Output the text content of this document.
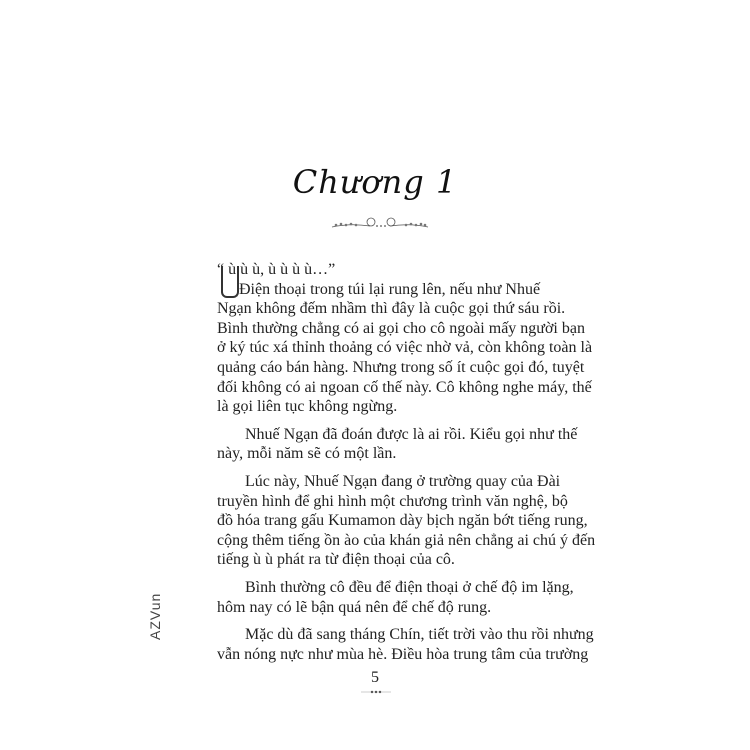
Chương 1
“ ù ù ù, ù ù ù ù…”
Điện thoại trong túi lại rung lên, nếu như Nhuế
Ngạn không đếm nhầm thì đây là cuộc gọi thứ sáu rồi.
Bình thường chẳng có ai gọi cho cô ngoài mấy người bạn
ở ký túc xá thỉnh thoảng có việc nhờ vả, còn không toàn là
quảng cáo bán hàng. Nhưng trong số ít cuộc gọi đó, tuyệt
đối không có ai ngoan cố thế này. Cô không nghe máy, thế
là gọi liên tục không ngừng.
Nhuế Ngạn đã đoán được là ai rồi. Kiểu gọi như thế
này, mỗi năm sẽ có một lần.
Lúc này, Nhuế Ngạn đang ở trường quay của Đài
truyền hình để ghi hình một chương trình văn nghệ, bộ
đồ hóa trang gấu Kumamon dày bịch ngăn bớt tiếng rung,
cộng thêm tiếng ồn ào của khán giả nên chẳng ai chú ý đến
tiếng ù ù phát ra từ điện thoại của cô.
Bình thường cô đều để điện thoại ở chế độ im lặng,
hôm nay có lẽ bận quá nên để chế độ rung.
Mặc dù đã sang tháng Chín, tiết trời vào thu rồi nhưng
vẫn nóng nực như mùa hè. Điều hòa trung tâm của trường
AZVun
5
